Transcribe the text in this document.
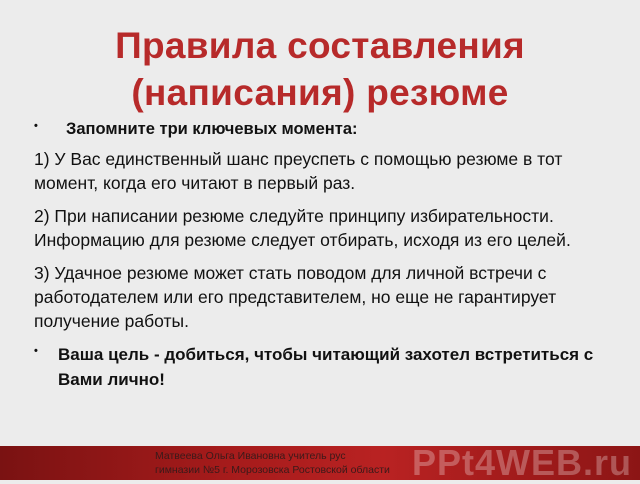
Правила составления
(написания) резюме
• Запомните три ключевых момента:
1) У Вас единственный шанс преуспеть с помощью резюме в тот момент, когда его читают в первый раз.
2) При написании резюме следуйте принципу избирательности. Информацию для резюме следует отбирать, исходя из его целей.
3) Удачное резюме может стать поводом для личной встречи с работодателем или его представителем, но еще не гарантирует получение работы.
• Ваша цель - добиться, чтобы читающий захотел встретиться с Вами лично!
PPt4WEB.ru
Матвеева Ольга Ивановна учитель рус
гимназии №5 г. Морозовска Ростовской области
